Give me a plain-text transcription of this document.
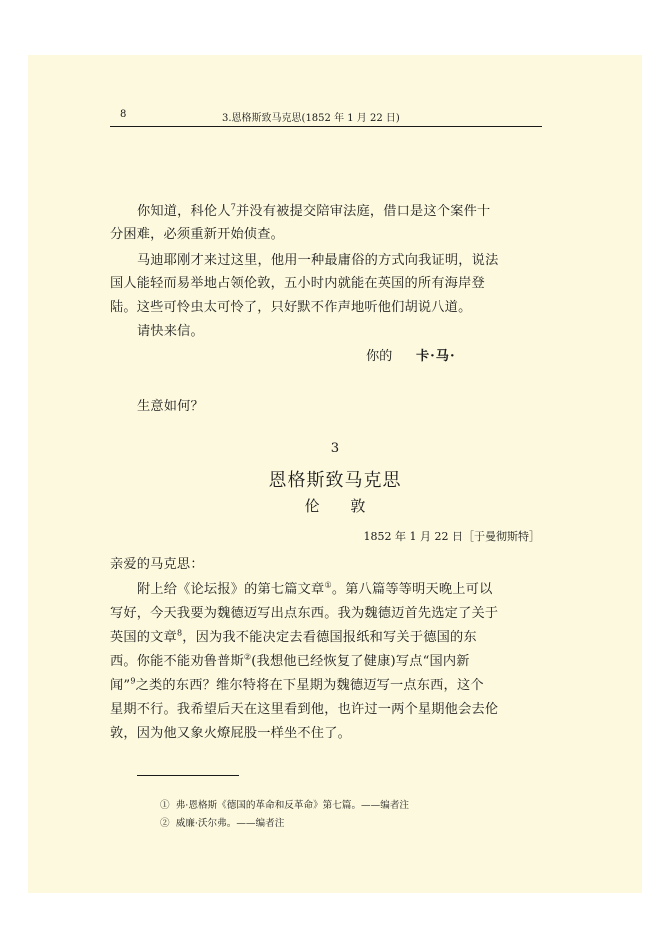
8	3.恩格斯致马克思(1852 年 1 月 22 日)
你知道，科伦人$^7$并没有被提交陪审法庭，借口是这个案件十
分困难，必须重新开始侦查。
马迪耶刚才来过这里，他用一种最庸俗的方式向我证明，说法
国人能轻而易举地占领伦敦，五小时内就能在英国的所有海岸登
陆。这些可怜虫太可怜了，只好默不作声地听他们胡说八道。
请快来信。
你的 卡·马·
生意如何？
3
恩格斯致马克思
伦 敦
1852 年 1 月 22 日［于曼彻斯特］
亲爱的马克思：
附上给《论坛报》的第七篇文章①。第八篇等等明天晚上可以
写好，今天我要为魏德迈写出点东西。我为魏德迈首先选定了关于
英国的文章$^8$，因为我不能决定去看德国报纸和写关于德国的东
西。你能不能劝鲁普斯②(我想他已经恢复了健康)写点“国内新
闻”$^9$之类的东西？维尔特将在下星期为魏德迈写一点东西，这个
星期不行。我希望后天在这里看到他，也许过一两个星期他会去伦
敦，因为他又象火燎屁股一样坐不住了。
① 弗·恩格斯《德国的革命和反革命》第七篇。——编者注
② 威廉·沃尔弗。——编者注
